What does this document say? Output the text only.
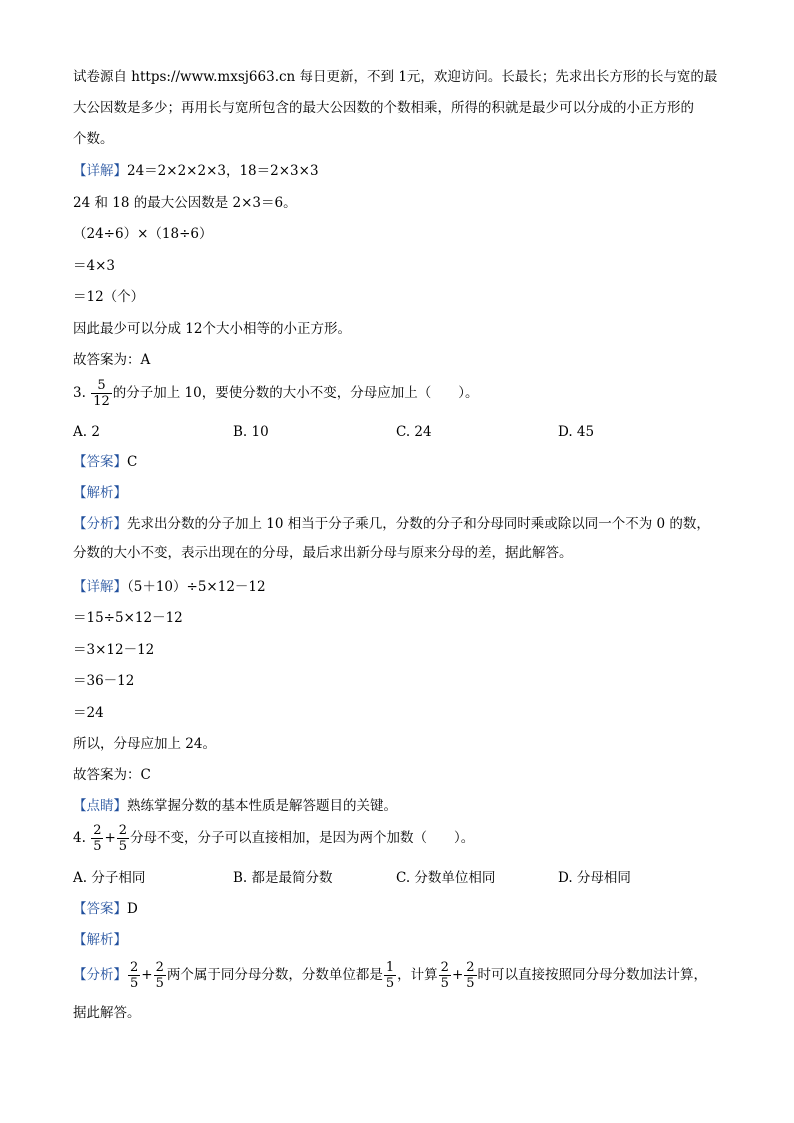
试卷源自 https://www.mxsj663.cn 每日更新，不到 1元，欢迎访问。长最长；先求出长方形的长与宽的最
大公因数是多少；再用长与宽所包含的最大公因数的个数相乘，所得的积就是最少可以分成的小正方形的
个数。
【详解】24＝2×2×2×3，18＝2×3×3
24 和 18 的最大公因数是 2×3＝6。
（24÷6）×（18÷6）
＝4×3
＝12（个）
因此最少可以分成 12个大小相等的小正方形。
故答案为：A
3. $\frac{5}{12}$ 的分子加上 10，要使分数的大小不变，分母应加上（　　）。
A. 2	B. 10	C. 24	D. 45
【答案】C
【解析】
【分析】先求出分数的分子加上 10 相当于分子乘几，分数的分子和分母同时乘或除以同一个不为 0 的数，
分数的大小不变，表示出现在的分母，最后求出新分母与原来分母的差，据此解答。
【详解】（5＋10）÷5×12－12
＝15÷5×12－12
＝3×12－12
＝36－12
＝24
所以，分母应加上 24。
故答案为：C
【点睛】熟练掌握分数的基本性质是解答题目的关键。
4. $\frac{2}{5} + \frac{2}{5}$ 分母不变，分子可以直接相加，是因为两个加数（　　）。
A. 分子相同	B. 都是最简分数	C. 分数单位相同	D. 分母相同
【答案】D
【解析】
【分析】 $\frac{2}{5} + \frac{2}{5}$ 两个属于同分母分数，分数单位都是 $\frac{1}{5}$ ，计算 $\frac{2}{5} + \frac{2}{5}$ 时可以直接按照同分母分数加法计算，
据此解答。
